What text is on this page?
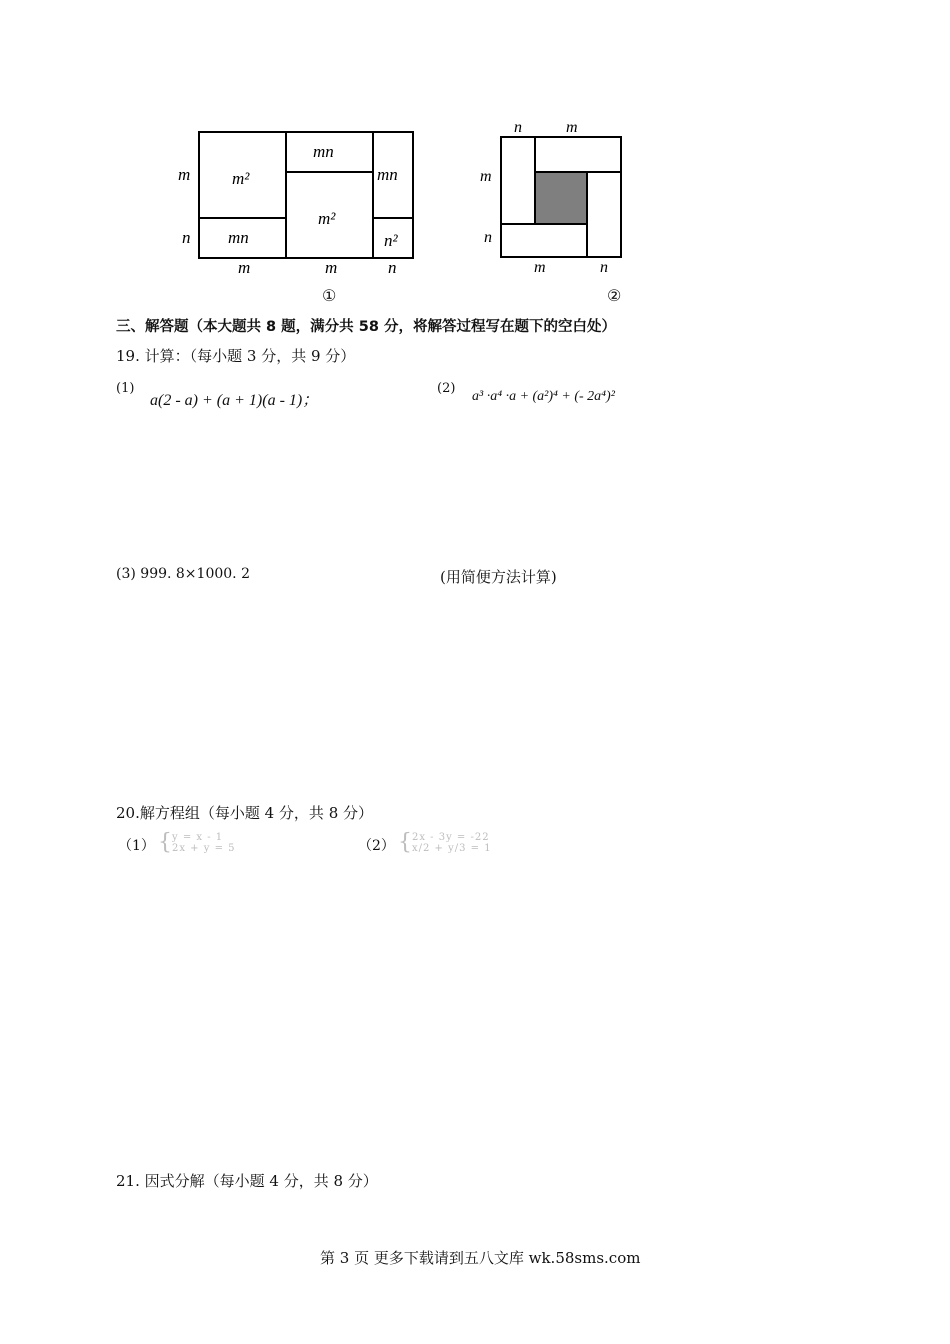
m²
mn
mn
mn
m²
n²
m
n
m	m	n
①
n	m
m
n
m	n
②
三、解答题（本大题共 8 题，满分共 58 分，将解答过程写在题下的空白处）
19. 计算：（每小题 3 分，共 9 分）
(1)
a(2 - a) + (a + 1)(a - 1)；
(2)
a³ ·a⁴ ·a + (a²)⁴ + (- 2a⁴)²
(3) 999. 8×1000. 2	(用简便方法计算)
20.解方程组（每小题 4 分，共 8 分）
（1） { y = x - 1
2x + y = 5	（2） { 2x - 3y = -22
x/2 + y/3 = 1
21. 因式分解（每小题 4 分，共 8 分）
第 3 页 更多下载请到五八文库 wk.58sms.com
